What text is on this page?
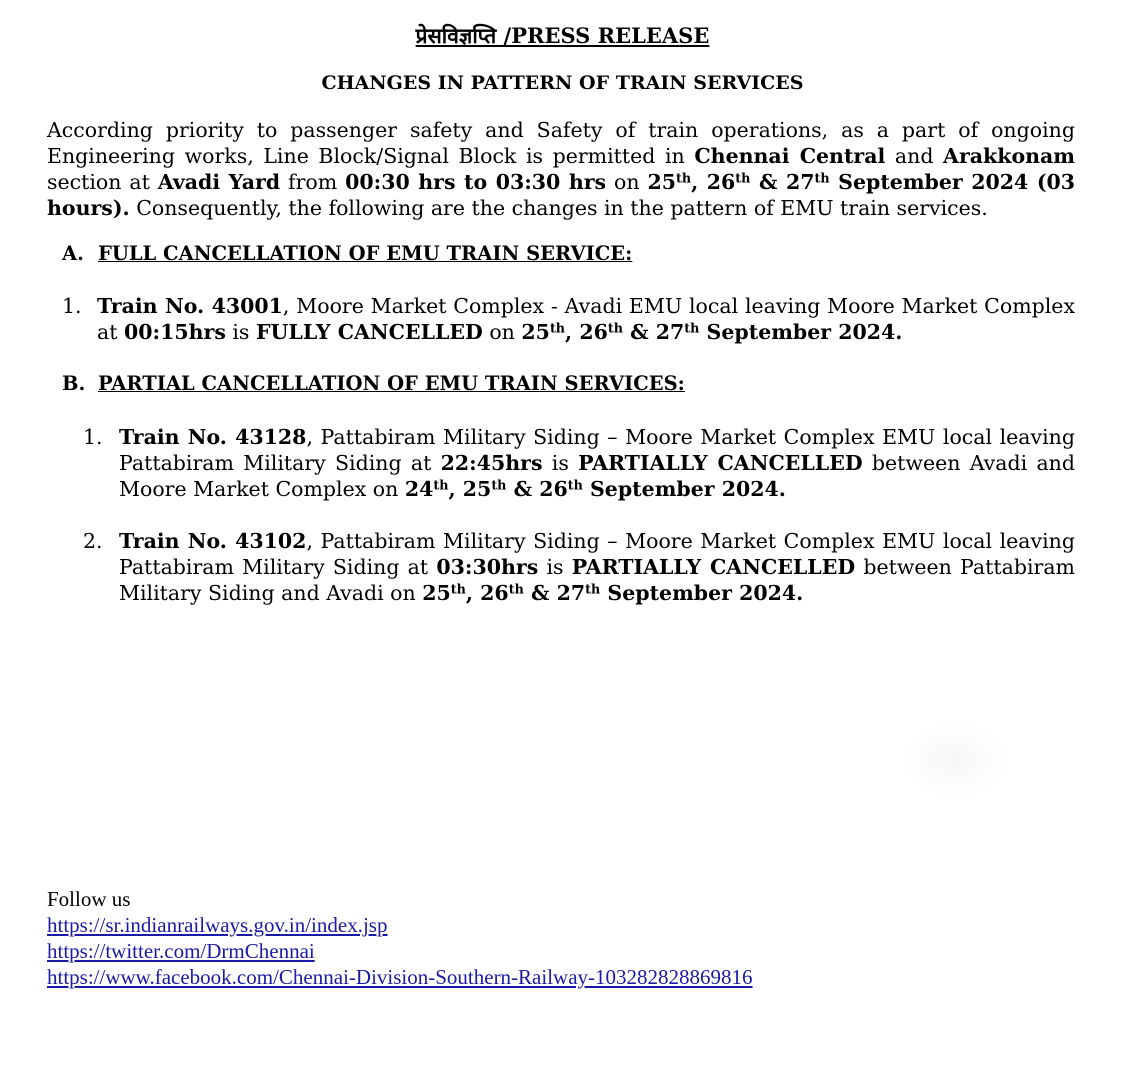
प्रेसविज्ञप्ति /PRESS RELEASE
CHANGES IN PATTERN OF TRAIN SERVICES
According priority to passenger safety and Safety of train operations, as a part of ongoing Engineering works, Line Block/Signal Block is permitted in Chennai Central and Arakkonam section at Avadi Yard from 00:30 hrs to 03:30 hrs on 25th, 26th & 27th September 2024 (03 hours). Consequently, the following are the changes in the pattern of EMU train services.
A. FULL CANCELLATION OF EMU TRAIN SERVICE:
1. Train No. 43001, Moore Market Complex - Avadi EMU local leaving Moore Market Complex at 00:15hrs is FULLY CANCELLED on 25th, 26th & 27th September 2024.
B. PARTIAL CANCELLATION OF EMU TRAIN SERVICES:
1. Train No. 43128, Pattabiram Military Siding – Moore Market Complex EMU local leaving Pattabiram Military Siding at 22:45hrs is PARTIALLY CANCELLED between Avadi and Moore Market Complex on 24th, 25th & 26th September 2024.
2. Train No. 43102, Pattabiram Military Siding – Moore Market Complex EMU local leaving Pattabiram Military Siding at 03:30hrs is PARTIALLY CANCELLED between Pattabiram Military Siding and Avadi on 25th, 26th & 27th September 2024.
Follow us
https://sr.indianrailways.gov.in/index.jsp
https://twitter.com/DrmChennai
https://www.facebook.com/Chennai-Division-Southern-Railway-103282828869816
